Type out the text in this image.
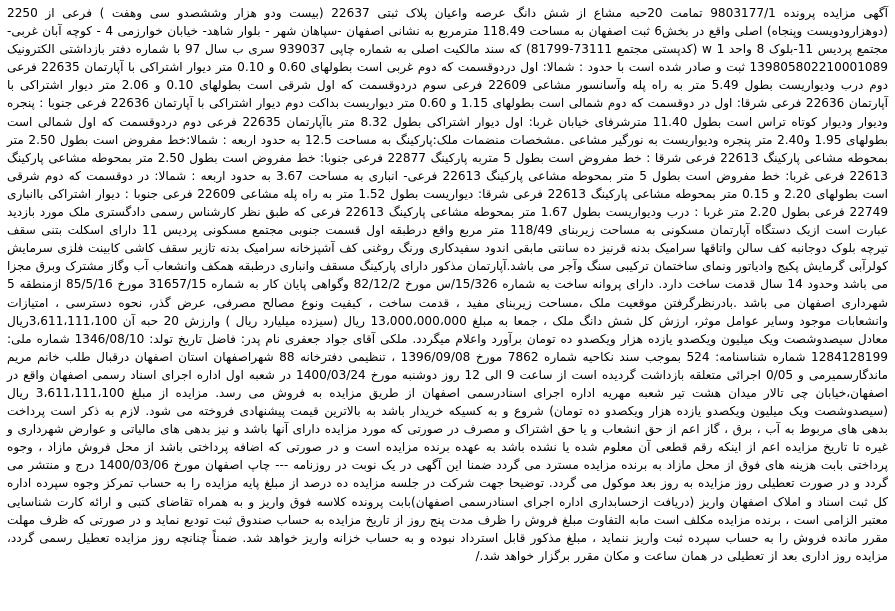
آگهی مزایده پرونده 9803177/1 تمامت 20حبه مشاع از شش دانگ عرصه واعیان پلاک ثبتی 22637 (بیست ودو هزار وششصدو سی وهفت ) فرعی از 2250 (دوهزارودویست وپنجاه) اصلی واقع در بخش6 ثبت اصفهان به مساحت 118.49 مترمربع به نشانی اصفهان -سپاهان شهر - بلوار شاهد- خیابان خوارزمی 4 - کوچه آبان غربی- مجتمع پردیس 11-بلوک 8 واحد 1 w (کدپستی مجتمع 73111-81799) که سند مالکیت اصلی به شماره چاپی 939037 سری ب سال 97 با شماره دفتر بازداشتی الکترونیک 139805802210001089 ثبت و صادر شده است با حدود : شمالا: اول دردوقسمت که دوم غربی است بطولهای 0.60 و 0.10 متر دیوار اشتراکی با آپارتمان 22635 فرعی دوم درب ودیواریست بطول 5.49 متر به راه پله وآسانسور مشاعی 22609 فرعی سوم دردوقسمت که اول شرقی است بطولهای 0.10 و 2.06 متر دیوار اشتراکی با آپارتمان 22636 فرعی شرقا: اول در دوقسمت که دوم شمالی است بطولهای 1.15 و 0.60 متر دیواریست بداکت دوم دیوار اشتراکی با آپارتمان 22636 فرعی جنوبا : پنجره ودیوار ودیوار کوتاه تراس است بطول 11.40 مترشرفای خیابان غربا: اول دیوار اشتراکی بطول 8.32 متر باآپارتمان 22635 فرعی دوم دردوقسمت که اول شمالی است بطولهای 1.95 و2.40 متر پنجره ودیواریست به نورگیر مشاعی .مشخصات منضمات ملک:پارکینگ به مساحت 12.5 به حدود اربعه : شمالا:خط مفروض است بطول 2.50 متر بمحوطه مشاعی پارکینگ 22613 فرعی شرقا : خط مفروض است بطول 5 متربه پارکینگ 22877 فرعی جنوبا: خط مفروض است بطول 2.50 متر بمحوطه مشاعی پارکینگ 22613 فرعی غربا: خط مفروض است بطول 5 متر بمحوطه مشاعی پارکینگ 22613 فرعی- انباری به مساحت 3.67 به حدود اربعه : شمالا: در دوقسمت که دوم شرقی است بطولهای 2.20 و 0.15 متر بمحوطه مشاعی پارکینگ 22613 فرعی شرقا: دیواریست بطول 1.52 متر به راه پله مشاعی 22609 فرعی جنوبا : دیوار اشتراکی باانباری 22749 فرعی بطول 2.20 متر غربا : درب ودیواریست بطول 1.67 متر بمحوطه مشاعی پارکینگ 22613 فرعی که طبق نظر کارشناس رسمی دادگستری ملک مورد بازدید عبارت است ازیک دستگاه آپارتمان مسکونی به مساحت زیربنای 118/49 متر مربع واقع درطبقه اول قسمت جنوبی مجتمع مسکونی پردیس 11 دارای اسکلت بتنی سقف تیرچه بلوک دوجانبه کف سالن واتاقها سرامیک بدنه قرنیز ده سانتی مابقی اندود سفیدکاری ورنگ روغنی کف آشپزخانه سرامیک بدنه تازیر سقف کاشی کابینت فلزی سرمایش کولرآبی گرمایش پکیج وادیاتور ونمای ساختمان ترکیبی سنگ وآجر می باشد.آپارتمان مذکور دارای پارکینگ مسقف وانباری درطبقه همکف وانشعاب آب وگاز مشترک وبرق مجزا می باشد وحدود 14 سال قدمت ساخت دارد. دارای پروانه ساخت به شماره 15/326/س مورخ 82/12/2 وگواهی پایان کار به شماره 31657/15 مورخ 85/5/16 ازمنطقه 5 شهرداری اصفهان می باشد .بادرنظرگرفتن موقعیت ملک ،مساحت زیربنای مفید ، قدمت ساخت ، کیفیت ونوع مصالح مصرفی، عرض گذر، نحوه دسترسی ، امتیازات وانشعابات موجود وسایر عوامل موثر، ارزش کل شش دانگ ملک ، جمعا به مبلغ 13،000،000،000 ریال (سیزده میلیارد ریال ) وارزش 20 حبه آن 3،611،111،100ریال معادل سیصدوشصت ویک میلیون ویکصدو یازده هزار ویکصدو ده تومان برآورد واعلام میگردد. ملکی آقای جواد جعفری نام پدر: فاضل تاریخ تولد: 1346/08/10 شماره ملی: 1284128199 شماره شناسنامه: 524 بموجب سند نکاحیه شماره 7862 مورخ 1396/09/08 ، تنظیمی دفترخانه 88 شهراصفهان استان اصفهان درقبال طلب خانم مریم ماندگارسمیرمی و 0/05 اجرائی متعلقه بازداشت گردیده است از ساعت 9 الی 12 روز دوشنبه مورخ 1400/03/24 در شعبه اول اداره اجرای اسناد رسمی اصفهان واقع در اصفهان،خیابان چی تالار میدان هشت تیر شعبه مهریه اداره اجرای اسنادرسمی اصفهان از طریق مزایده به فروش می رسد. مزایده از مبلغ 3،611،111،100 ریال (سیصدوشصت ویک میلیون ویکصدو یازده هزار ویکصدو ده تومان) شروع و به کسیکه خریدار باشد به بالاترین قیمت پیشنهادی فروخته می شود. لازم به ذکر است پرداخت بدهی های مربوط به آب ، برق ، گاز اعم از حق انشعاب و یا حق اشتراک و مصرف در صورتی که مورد مزایده دارای آنها باشد و نیز بدهی های مالیاتی و عوارض شهرداری و غیره تا تاریخ مزایده اعم از اینکه رقم قطعی آن معلوم شده یا نشده باشد به عهده برنده مزایده است و در صورتی که اضافه پرداختی باشد از محل فروش مازاد ، وجوه پرداختی بابت هزینه های فوق از محل مازاد به برنده مزایده مسترد می گردد ضمنا این آگهی در یک نوبت در روزنامه --- چاپ اصفهان مورخ 1400/03/06 درج و منتشر می گردد و در صورت تعطیلی روز مزایده به روز بعد موکول می گردد. توضیحا جهت شرکت در جلسه مزایده ده درصد از مبلغ پایه مزایده را به حساب تمرکز وجوه سپرده اداره کل ثبت اسناد و املاک اصفهان واریز (دریافت ازحسابداری اداره اجرای اسنادرسمی اصفهان)بابت پرونده کلاسه فوق واریز و به همراه تقاضای کتبی و ارائه کارت شناسایی معتبر الزامی است ، برنده مزایده مکلف است مابه التفاوت مبلغ فروش را ظرف مدت پنج روز از تاریخ مزایده به حساب صندوق ثبت تودیع نماید و در صورتی که ظرف مهلت مقرر مانده فروش را به حساب سپرده ثبت واریز ننماید ، مبلغ مذکور قابل استرداد نبوده و به حساب خزانه واریز خواهد شد. ضمناً چنانچه روز مزایده تعطیل رسمی گردد، مزایده روز اداری بعد از تعطیلی در همان ساعت و مکان مقرر برگزار خواهد شد./
